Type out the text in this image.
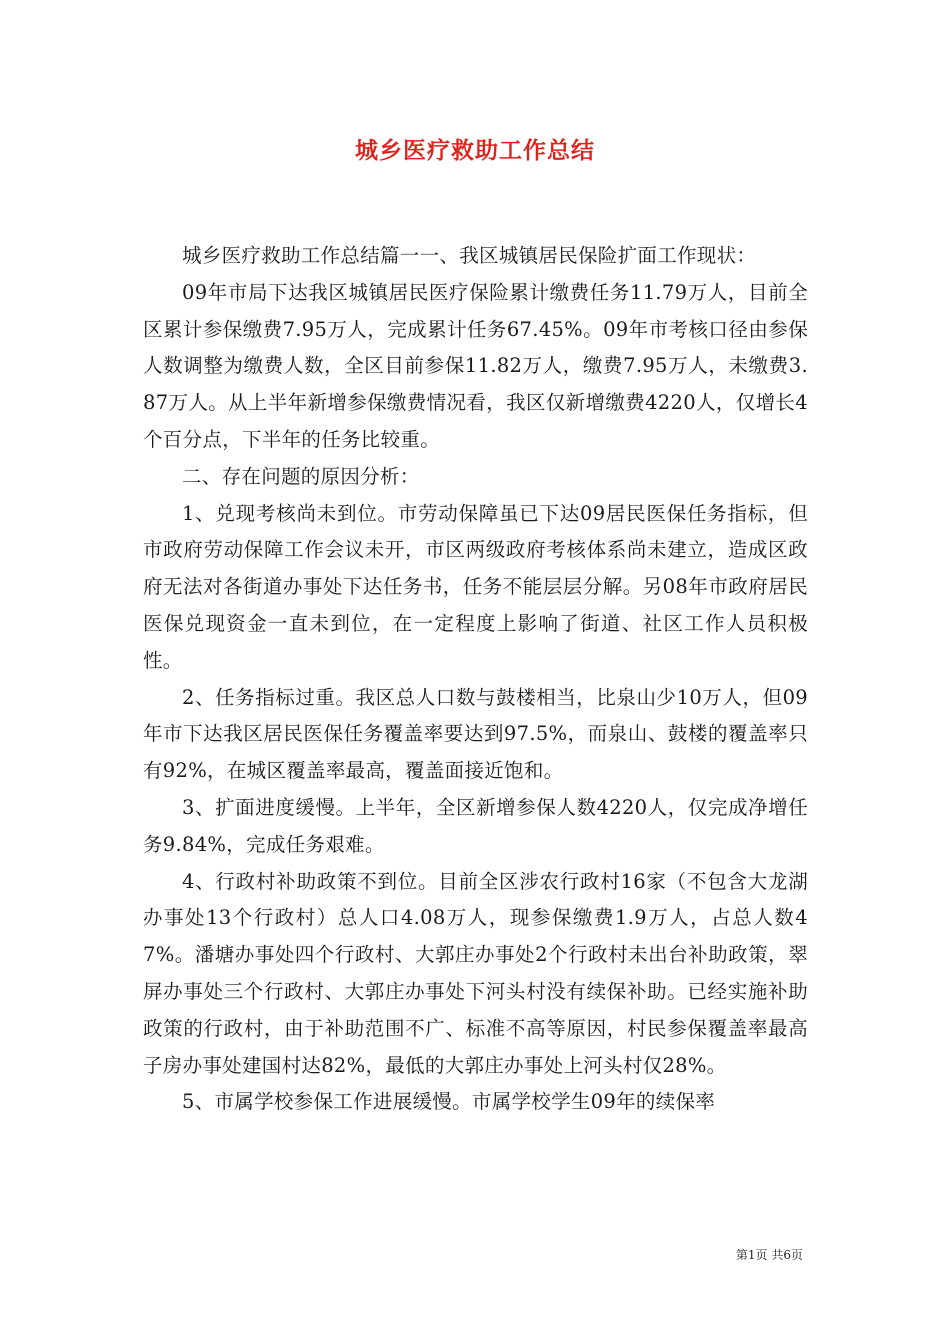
城乡医疗救助工作总结

城乡医疗救助工作总结篇一一、我区城镇居民保险扩面工作现状：

09年市局下达我区城镇居民医疗保险累计缴费任务11.79万人，目前全区累计参保缴费7.95万人，完成累计任务67.45%。09年市考核口径由参保人数调整为缴费人数，全区目前参保11.82万人，缴费7.95万人，未缴费3.87万人。从上半年新增参保缴费情况看，我区仅新增缴费4220人，仅增长4个百分点，下半年的任务比较重。

二、存在问题的原因分析：

1、兑现考核尚未到位。市劳动保障虽已下达09居民医保任务指标，但市政府劳动保障工作会议未开，市区两级政府考核体系尚未建立，造成区政府无法对各街道办事处下达任务书，任务不能层层分解。另08年市政府居民医保兑现资金一直未到位，在一定程度上影响了街道、社区工作人员积极性。

2、任务指标过重。我区总人口数与鼓楼相当，比泉山少10万人，但09年市下达我区居民医保任务覆盖率要达到97.5%，而泉山、鼓楼的覆盖率只有92%，在城区覆盖率最高，覆盖面接近饱和。

3、扩面进度缓慢。上半年，全区新增参保人数4220人，仅完成净增任务9.84%，完成任务艰难。

4、行政村补助政策不到位。目前全区涉农行政村16家（不包含大龙湖办事处13个行政村）总人口4.08万人，现参保缴费1.9万人，占总人数47%。潘塘办事处四个行政村、大郭庄办事处2个行政村未出台补助政策，翠屏办事处三个行政村、大郭庄办事处下河头村没有续保补助。已经实施补助政策的行政村，由于补助范围不广、标准不高等原因，村民参保覆盖率最高子房办事处建国村达82%，最低的大郭庄办事处上河头村仅28%。

5、市属学校参保工作进展缓慢。市属学校学生09年的续保率

第1页 共6页
